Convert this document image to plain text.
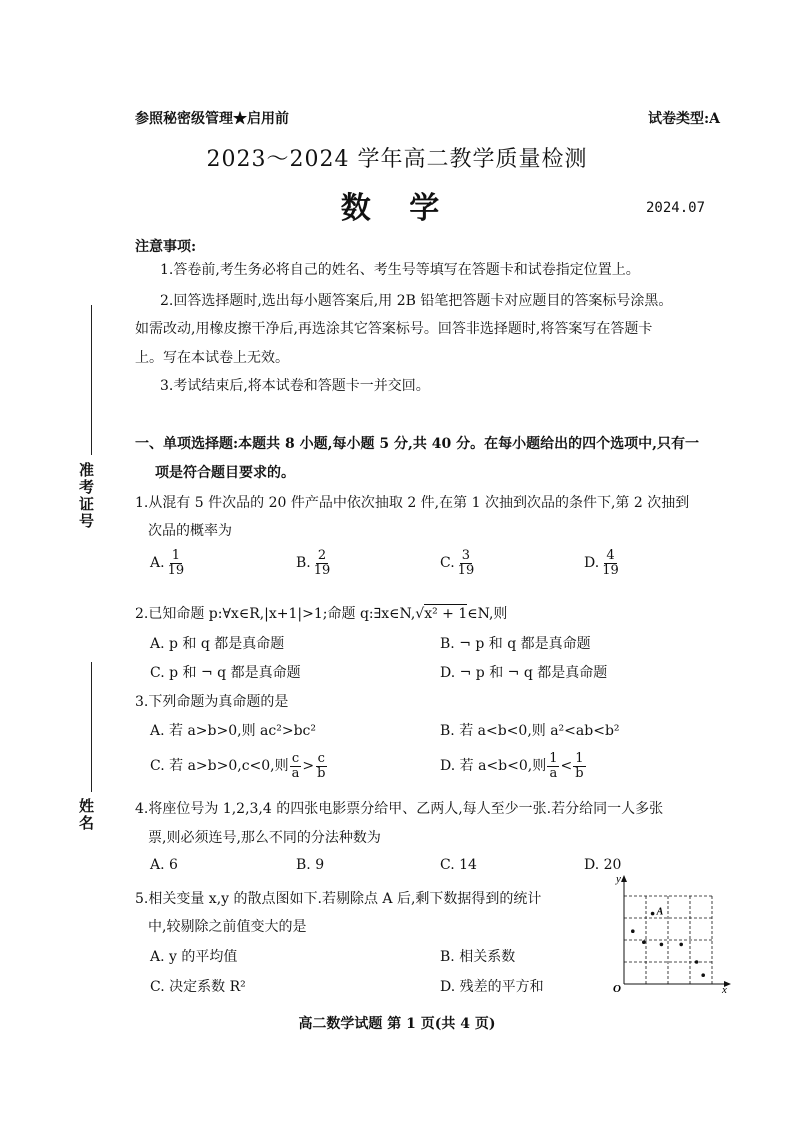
参照秘密级管理★启用前	试卷类型:A
2023～2024 学年高二教学质量检测
数 学	2024.07
注意事项:
1.答卷前,考生务必将自己的姓名、考生号等填写在答题卡和试卷指定位置上。
2.回答选择题时,选出每小题答案后,用 2B 铅笔把答题卡对应题目的答案标号涂黑。
如需改动,用橡皮擦干净后,再选涂其它答案标号。回答非选择题时,将答案写在答题卡
上。写在本试卷上无效。
3.考试结束后,将本试卷和答题卡一并交回。
准考证号
姓名
一、单项选择题:本题共 8 小题,每小题 5 分,共 40 分。在每小题给出的四个选项中,只有一
项是符合题目要求的。
1.从混有 5 件次品的 20 件产品中依次抽取 2 件,在第 1 次抽到次品的条件下,第 2 次抽到
次品的概率为
A. $\frac{1}{19}$	B. $\frac{2}{19}$	C. $\frac{3}{19}$	D. $\frac{4}{19}$
2.已知命题 p:∀x∈R,|x+1|>1;命题 q:∃x∈N,√x² + 1∈N,则
A. p 和 q 都是真命题	B. ¬ p 和 q 都是真命题
C. p 和 ¬ q 都是真命题	D. ¬ p 和 ¬ q 都是真命题
3.下列命题为真命题的是
A. 若 a>b>0,则 ac²>bc²	B. 若 a<b<0,则 a²<ab<b²
C. 若 a>b>0,c<0,则 $\frac{c}{a} > \frac{c}{b}$	D. 若 a<b<0,则 $\frac{1}{a} < \frac{1}{b}$
4.将座位号为 1,2,3,4 的四张电影票分给甲、乙两人,每人至少一张.若分给同一人多张
票,则必须连号,那么不同的分法种数为
A. 6	B. 9	C. 14	D. 20
5.相关变量 x,y 的散点图如下.若剔除点 A 后,剩下数据得到的统计
中,较剔除之前值变大的是
A. y 的平均值	B. 相关系数
C. 决定系数 R²	D. 残差的平方和
y
x
O
A
高二数学试题 第 1 页(共 4 页)
